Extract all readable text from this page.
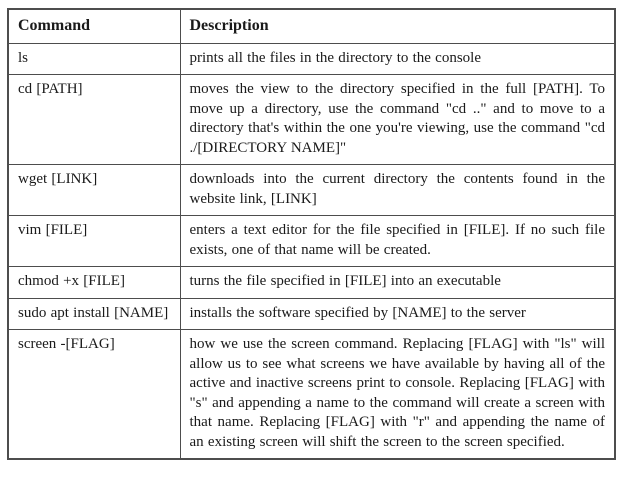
Command	Description
ls	prints all the files in the directory to the console
cd [PATH]	moves the view to the directory specified in the full [PATH]. To move up a directory, use the command "cd .." and to move to a directory that's within the one you're viewing, use the command "cd ./[DIRECTORY NAME]"
wget [LINK]	downloads into the current directory the contents found in the website link, [LINK]
vim [FILE]	enters a text editor for the file specified in [FILE]. If no such file exists, one of that name will be created.
chmod +x [FILE]	turns the file specified in [FILE] into an executable
sudo apt install [NAME]	installs the software specified by [NAME] to the server
screen -[FLAG]	how we use the screen command. Replacing [FLAG] with "ls" will allow us to see what screens we have available by having all of the active and inactive screens print to console. Replacing [FLAG] with "s" and appending a name to the command will create a screen with that name. Replacing [FLAG] with "r" and appending the name of an existing screen will shift the screen to the screen specified.
